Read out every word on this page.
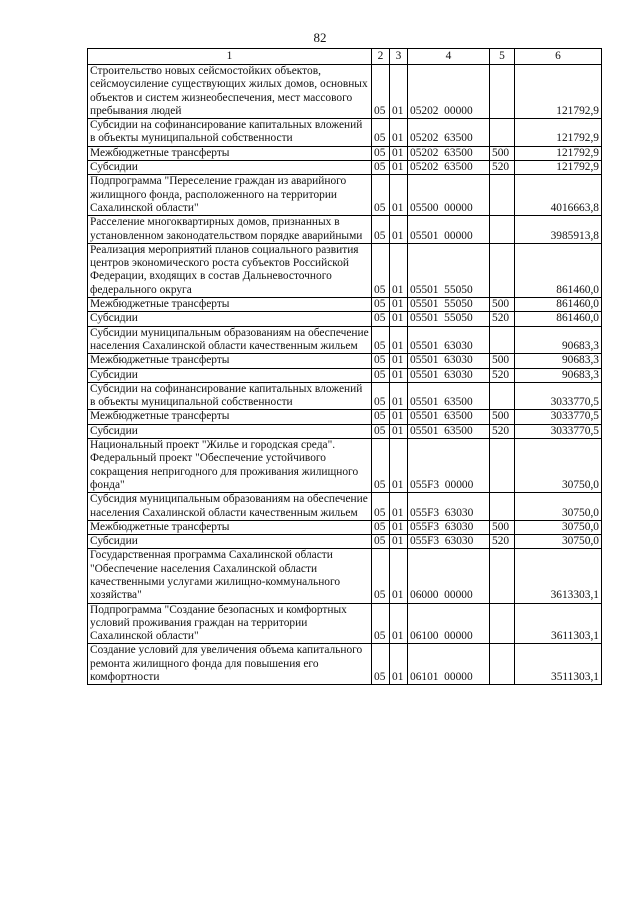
82
1	2	3	4	5	6
Строительство новых сейсмостойких объектов, сейсмоусиление существующих жилых домов, основных объектов и систем жизнеобеспечения, мест массового пребывания людей	05	01	05202  00000		121792,9
Субсидии на софинансирование капитальных вложений в объекты муниципальной собственности	05	01	05202  63500		121792,9
Межбюджетные трансферты	05	01	05202  63500	500	121792,9
Субсидии	05	01	05202  63500	520	121792,9
Подпрограмма "Переселение граждан из аварийного жилищного фонда, расположенного на территории Сахалинской области"	05	01	05500  00000		4016663,8
Расселение многоквартирных домов, признанных в установленном законодательством порядке аварийными	05	01	05501  00000		3985913,8
Реализация мероприятий планов социального развития центров экономического роста субъектов Российской Федерации, входящих в состав Дальневосточного федерального округа	05	01	05501  55050		861460,0
Межбюджетные трансферты	05	01	05501  55050	500	861460,0
Субсидии	05	01	05501  55050	520	861460,0
Субсидии муниципальным образованиям на обеспечение населения Сахалинской области качественным жильем	05	01	05501  63030		90683,3
Межбюджетные трансферты	05	01	05501  63030	500	90683,3
Субсидии	05	01	05501  63030	520	90683,3
Субсидии на софинансирование капитальных вложений в объекты муниципальной собственности	05	01	05501  63500		3033770,5
Межбюджетные трансферты	05	01	05501  63500	500	3033770,5
Субсидии	05	01	05501  63500	520	3033770,5
Национальный проект "Жилье и городская среда". Федеральный проект "Обеспечение устойчивого сокращения непригодного для проживания жилищного фонда"	05	01	055F3  00000		30750,0
Субсидия муниципальным образованиям на обеспечение населения Сахалинской области качественным жильем	05	01	055F3  63030		30750,0
Межбюджетные трансферты	05	01	055F3  63030	500	30750,0
Субсидии	05	01	055F3  63030	520	30750,0
Государственная программа Сахалинской области "Обеспечение населения Сахалинской области качественными услугами жилищно-коммунального хозяйства"	05	01	06000  00000		3613303,1
Подпрограмма "Создание безопасных и комфортных условий проживания граждан на территории Сахалинской области"	05	01	06100  00000		3611303,1
Создание условий для увеличения объема капитального ремонта жилищного фонда для повышения его комфортности	05	01	06101  00000		3511303,1
